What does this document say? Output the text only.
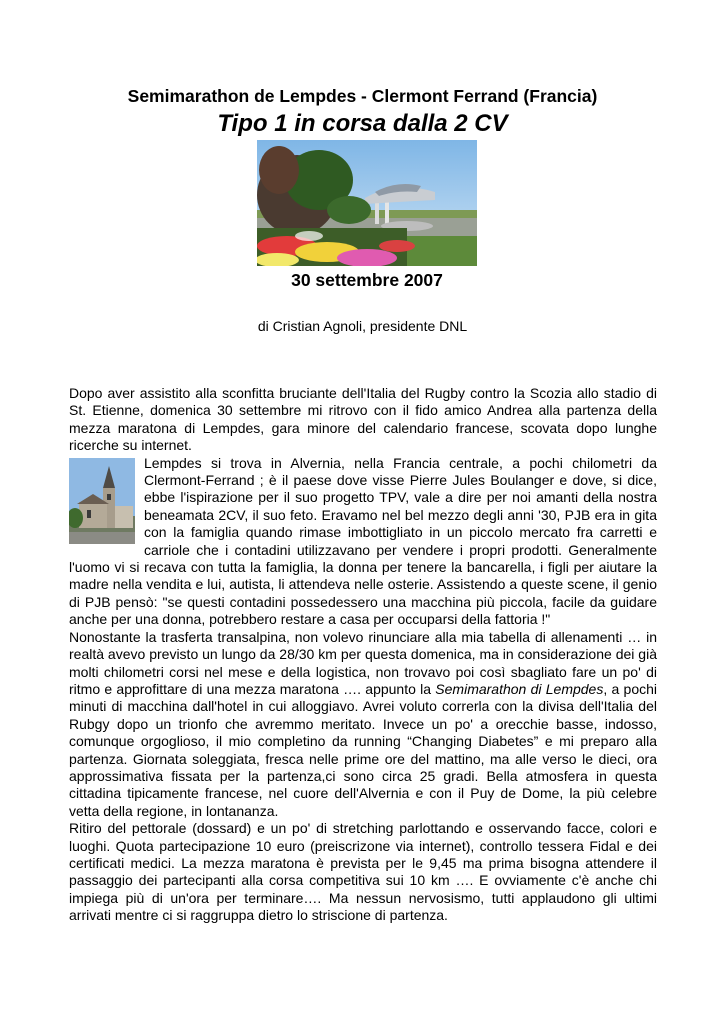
Semimarathon de Lempdes - Clermont Ferrand (Francia)
Tipo 1 in corsa dalla 2 CV
30 settembre 2007
di Cristian Agnoli, presidente DNL

Dopo aver assistito alla sconfitta bruciante dell'Italia del Rugby contro la Scozia allo stadio di St. Etienne, domenica 30 settembre mi ritrovo con il fido amico Andrea alla partenza della mezza maratona di Lempdes, gara minore del calendario francese, scovata dopo lunghe ricerche su internet.

Lempdes si trova in Alvernia, nella Francia centrale, a pochi chilometri da Clermont-Ferrand ; è il paese dove visse Pierre Jules Boulanger e dove, si dice, ebbe l'ispirazione per il suo progetto TPV, vale a dire per noi amanti della nostra beneamata 2CV, il suo feto. Eravamo nel bel mezzo degli anni '30, PJB era in gita con la famiglia quando rimase imbottigliato in un piccolo mercato fra carretti e carriole che i contadini utilizzavano per vendere i propri prodotti. Generalmente l'uomo vi si recava con tutta la famiglia, la donna per tenere la bancarella, i figli per aiutare la madre nella vendita e lui, autista, li attendeva nelle osterie. Assistendo a queste scene, il genio di PJB pensò: "se questi contadini possedessero una macchina più piccola, facile da guidare anche per una donna, potrebbero restare a casa per occuparsi della fattoria !"

Nonostante la trasferta transalpina, non volevo rinunciare alla mia tabella di allenamenti … in realtà avevo previsto un lungo da 28/30 km per questa domenica, ma in considerazione dei già molti chilometri corsi nel mese e della logistica, non trovavo poi così sbagliato fare un po' di ritmo e approfittare di una mezza maratona …. appunto la Semimarathon di Lempdes, a pochi minuti di macchina dall'hotel in cui alloggiavo. Avrei voluto correrla con la divisa dell'Italia del Rubgy dopo un trionfo che avremmo meritato. Invece un po' a orecchie basse, indosso, comunque orgoglioso, il mio completino da running “Changing Diabetes” e mi preparo alla partenza. Giornata soleggiata, fresca nelle prime ore del mattino, ma alle verso le dieci, ora approssimativa fissata per la partenza,ci sono circa 25 gradi. Bella atmosfera in questa cittadina tipicamente francese, nel cuore dell'Alvernia e con il Puy de Dome, la più celebre vetta della regione, in lontananza.

Ritiro del pettorale (dossard) e un po' di stretching parlottando e osservando facce, colori e luoghi. Quota partecipazione 10 euro (preiscrizone via internet), controllo tessera Fidal e dei certificati medici. La mezza maratona è prevista per le 9,45 ma prima bisogna attendere il passaggio dei partecipanti alla corsa competitiva sui 10 km …. E ovviamente c'è anche chi impiega più di un'ora per terminare…. Ma nessun nervosismo, tutti applaudono gli ultimi arrivati mentre ci si raggruppa dietro lo striscione di partenza.
